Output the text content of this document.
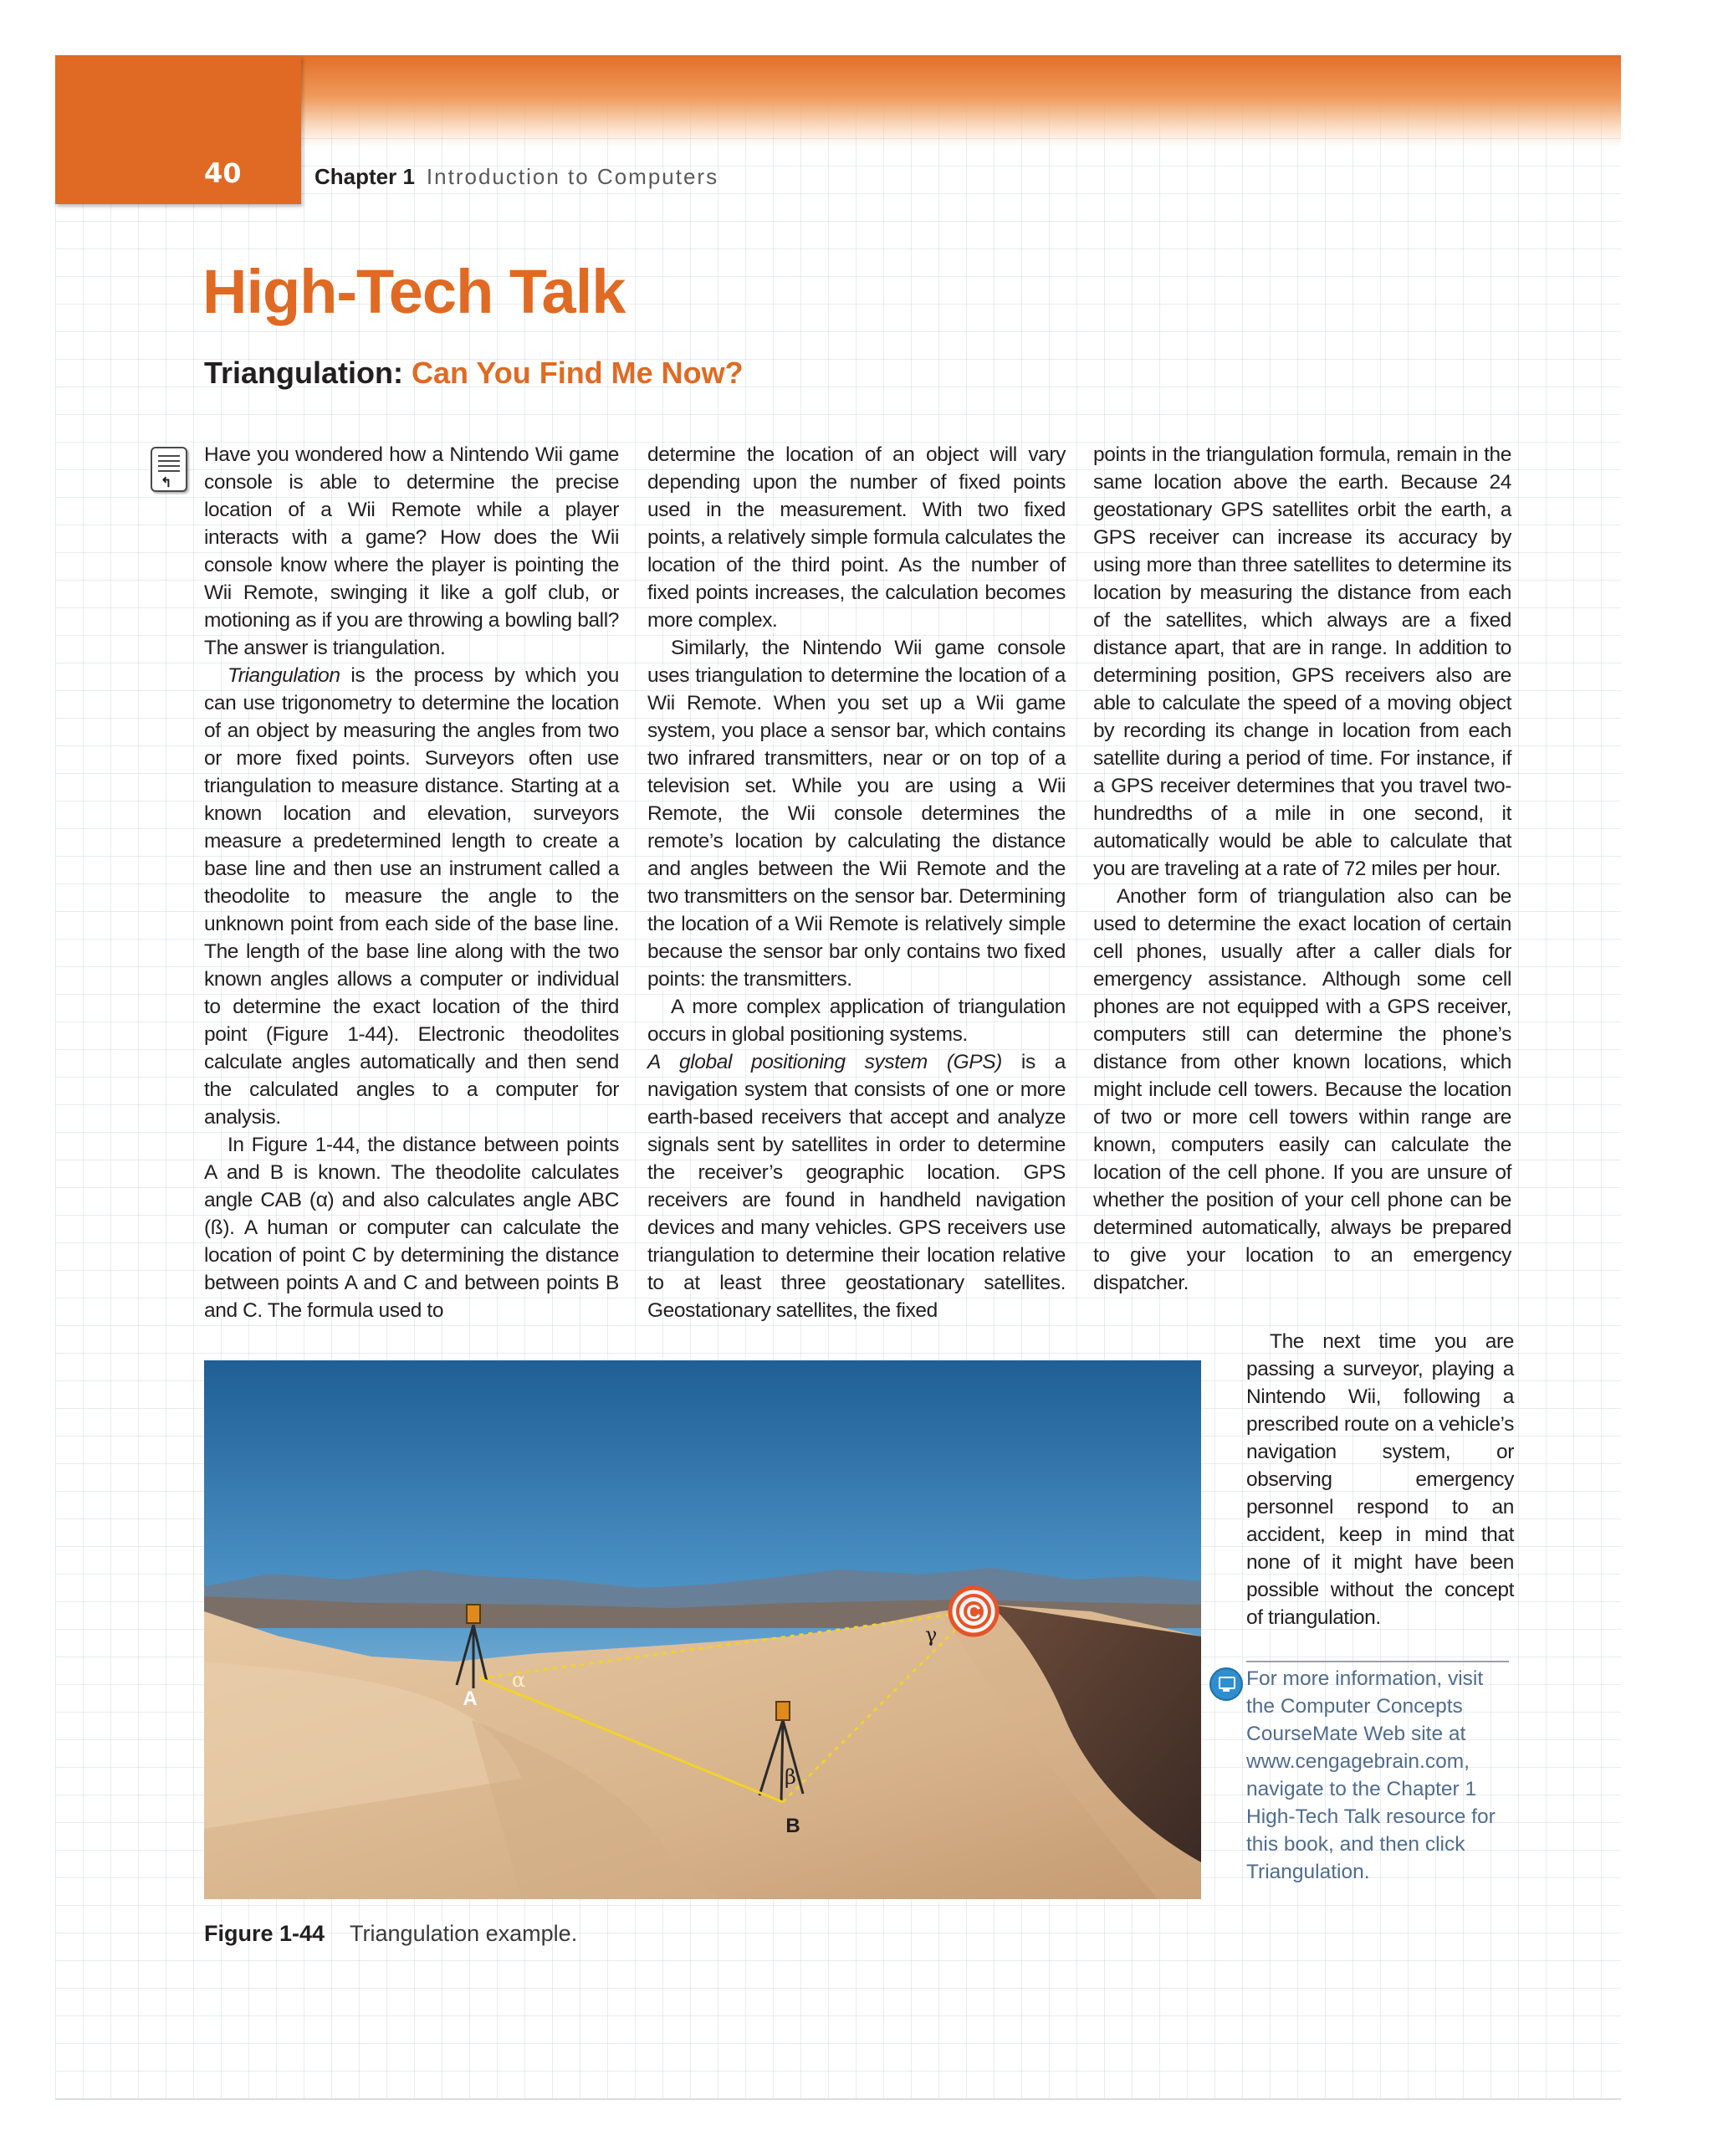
40	Chapter 1 Introduction to Computers
High-Tech Talk
Triangulation: Can You Find Me Now?
↰

Have you wondered how a Nintendo Wii game console is able to determine the precise location of a Wii Remote while a player interacts with a game? How does the Wii console know where the player is pointing the Wii Remote, swinging it like a golf club, or motioning as if you are throwing a bowling ball? The answer is triangulation.

Triangulation is the process by which you can use trigonometry to determine the location of an object by measuring the angles from two or more fixed points. Surveyors often use triangulation to measure distance. Starting at a known location and elevation, surveyors measure a predetermined length to create a base line and then use an instrument called a theodolite to measure the angle to the unknown point from each side of the base line. The length of the base line along with the two known angles allows a computer or individual to determine the exact location of the third point (Figure 1-44). Electronic theodolites calculate angles automatically and then send the calculated angles to a computer for analysis.

In Figure 1-44, the distance between points A and B is known. The theodolite calculates angle CAB (α) and also calculates angle ABC (ß). A human or computer can calculate the location of point C by determining the distance between points A and C and between points B and C. The formula used to

determine the location of an object will vary depending upon the number of fixed points used in the measurement. With two fixed points, a relatively simple formula calculates the location of the third point. As the number of fixed points increases, the calculation becomes more complex.

Similarly, the Nintendo Wii game console uses triangulation to determine the location of a Wii Remote. When you set up a Wii game system, you place a sensor bar, which contains two infrared transmitters, near or on top of a television set. While you are using a Wii Remote, the Wii console determines the remote’s location by calculating the distance and angles between the Wii Remote and the two transmitters on the sensor bar. Determining the location of a Wii Remote is relatively simple because the sensor bar only contains two fixed points: the transmitters.

A more complex application of triangulation occurs in global positioning systems.

A global positioning system (GPS) is a navigation system that consists of one or more earth-based receivers that accept and analyze signals sent by satellites in order to determine the receiver’s geographic location. GPS receivers are found in handheld navigation devices and many vehicles. GPS receivers use triangulation to determine their location relative to at least three geostationary satellites. Geostationary satellites, the fixed

points in the triangulation formula, remain in the same location above the earth. Because 24 geostationary GPS satellites orbit the earth, a GPS receiver can increase its accuracy by using more than three satellites to determine its location by measuring the distance from each of the satellites, which always are a fixed distance apart, that are in range. In addition to determining position, GPS receivers also are able to calculate the speed of a moving object by recording its change in location from each satellite during a period of time. For instance, if a GPS receiver determines that you travel two-hundredths of a mile in one second, it automatically would be able to calculate that you are traveling at a rate of 72 miles per hour.

Another form of triangulation also can be used to determine the exact location of certain cell phones, usually after a caller dials for emergency assistance. Although some cell phones are not equipped with a GPS receiver, computers still can determine the phone’s distance from other known locations, which might include cell towers. Because the location of two or more cell towers within range are known, computers easily can calculate the location of the cell phone. If you are unsure of whether the position of your cell phone can be determined automatically, always be prepared to give your location to an emergency dispatcher.

The next time you are passing a surveyor, playing a Nintendo Wii, following a prescribed route on a vehicle’s navigation system, or observing emergency personnel respond to an accident, keep in mind that none of it might have been possible without the concept of triangulation.

For more information, visit the Computer Concepts CourseMate Web site at www.cengagebrain.com, navigate to the Chapter 1 High-Tech Talk resource for this book, and then click Triangulation.
C
A
B
α
β
γ
Figure 1-44 Triangulation example.
